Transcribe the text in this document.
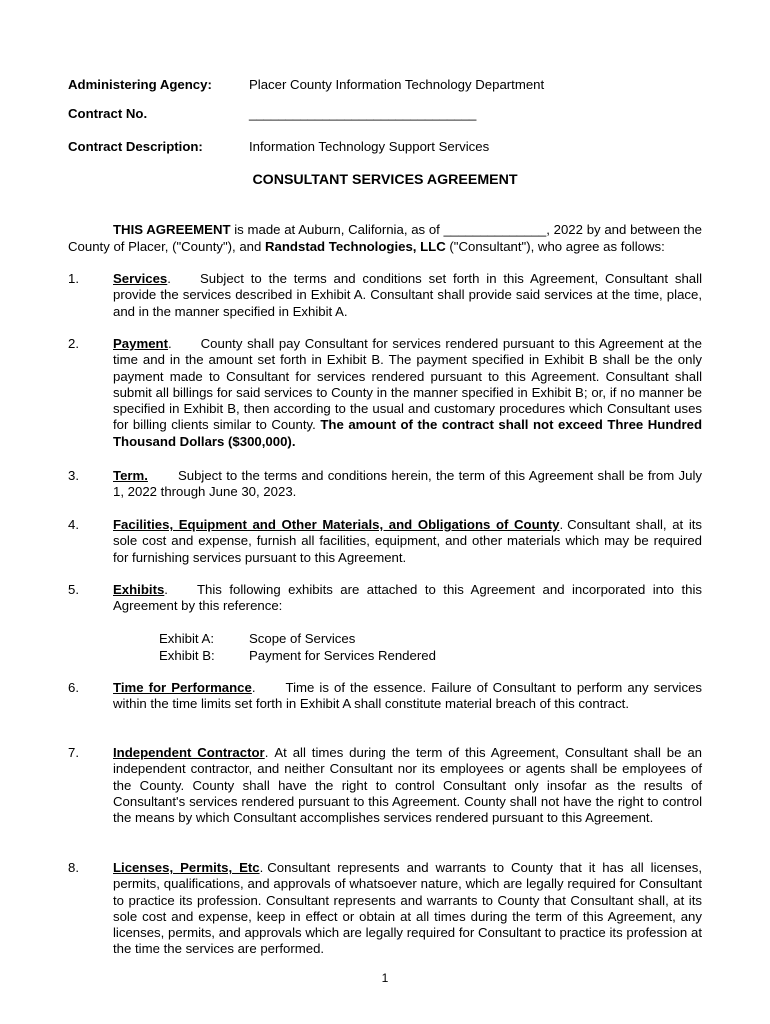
Administering Agency:	Placer County Information Technology Department
Contract No.	_______________________________
Contract Description:	Information Technology Support Services
CONSULTANT SERVICES AGREEMENT
THIS AGREEMENT is made at Auburn, California, as of ______________, 2022 by and between the County of Placer, ("County"), and Randstad Technologies, LLC ("Consultant"), who agree as follows:
1.	Services. Subject to the terms and conditions set forth in this Agreement, Consultant shall provide the services described in Exhibit A. Consultant shall provide said services at the time, place, and in the manner specified in Exhibit A.
2.	Payment. County shall pay Consultant for services rendered pursuant to this Agreement at the time and in the amount set forth in Exhibit B. The payment specified in Exhibit B shall be the only payment made to Consultant for services rendered pursuant to this Agreement. Consultant shall submit all billings for said services to County in the manner specified in Exhibit B; or, if no manner be specified in Exhibit B, then according to the usual and customary procedures which Consultant uses for billing clients similar to County. The amount of the contract shall not exceed Three Hundred Thousand Dollars ($300,000).
3.	Term. Subject to the terms and conditions herein, the term of this Agreement shall be from July 1, 2022 through June 30, 2023.
4.	Facilities, Equipment and Other Materials, and Obligations of County. Consultant shall, at its sole cost and expense, furnish all facilities, equipment, and other materials which may be required for furnishing services pursuant to this Agreement.
5.	Exhibits. This following exhibits are attached to this Agreement and incorporated into this Agreement by this reference:
Exhibit A:	Scope of Services
Exhibit B:	Payment for Services Rendered
6.	Time for Performance. Time is of the essence. Failure of Consultant to perform any services within the time limits set forth in Exhibit A shall constitute material breach of this contract.
7.	Independent Contractor. At all times during the term of this Agreement, Consultant shall be an independent contractor, and neither Consultant nor its employees or agents shall be employees of the County. County shall have the right to control Consultant only insofar as the results of Consultant's services rendered pursuant to this Agreement. County shall not have the right to control the means by which Consultant accomplishes services rendered pursuant to this Agreement.
8.	Licenses, Permits, Etc. Consultant represents and warrants to County that it has all licenses, permits, qualifications, and approvals of whatsoever nature, which are legally required for Consultant to practice its profession. Consultant represents and warrants to County that Consultant shall, at its sole cost and expense, keep in effect or obtain at all times during the term of this Agreement, any licenses, permits, and approvals which are legally required for Consultant to practice its profession at the time the services are performed.
1
